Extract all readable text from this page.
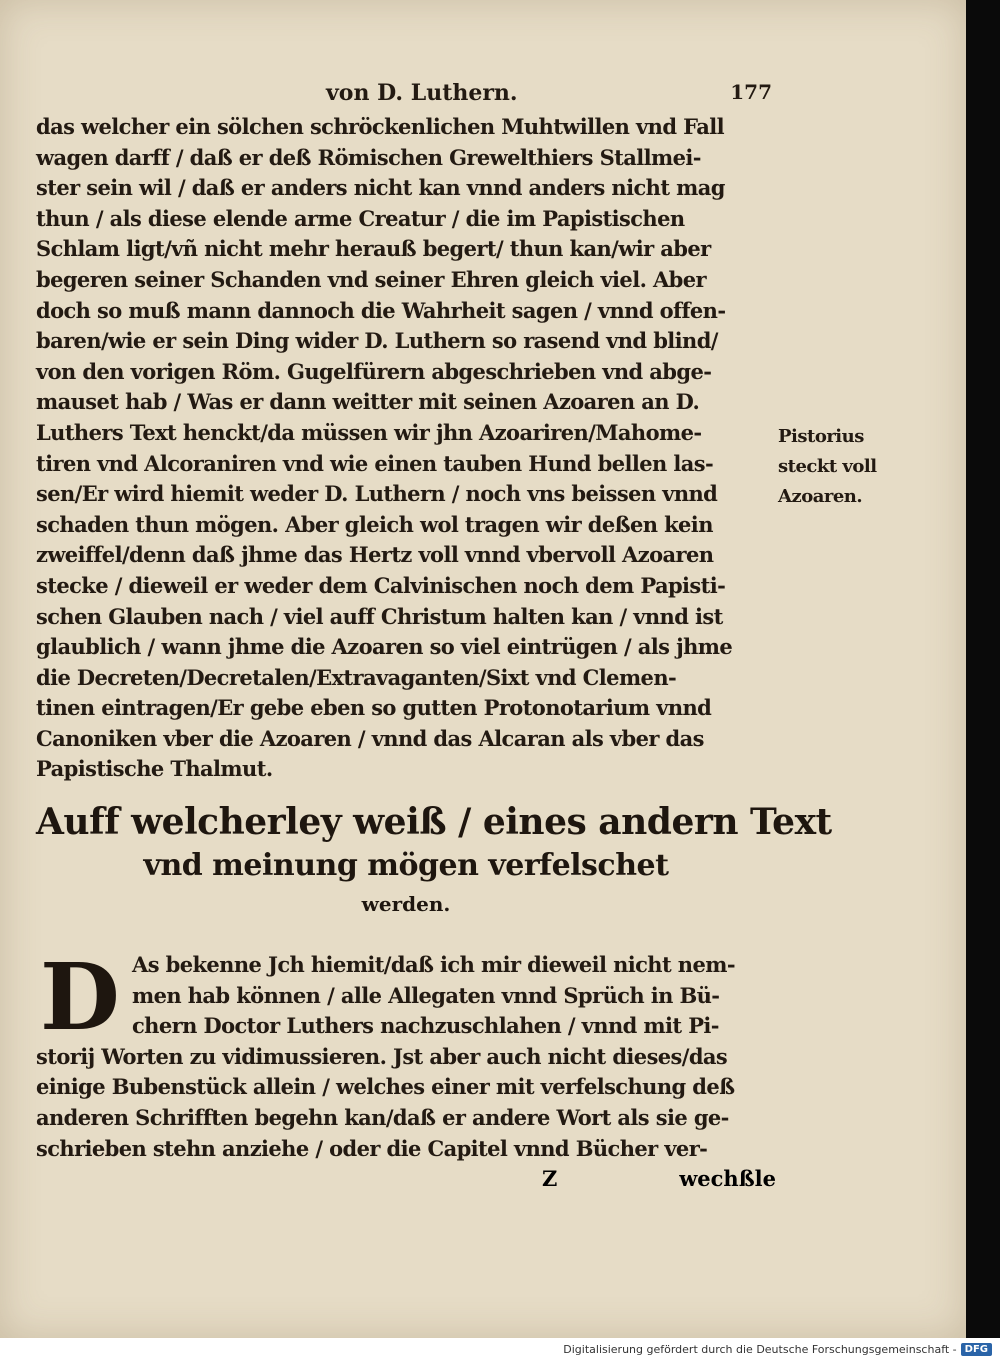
von D. Luthern.	177
das welcher ein sölchen schröckenlichen Muhtwillen vnd Fall
wagen darff / daß er deß Römischen Grewelthiers Stallmei-
ster sein wil / daß er anders nicht kan vnnd anders nicht mag
thun / als diese elende arme Creatur / die im Papistischen
Schlam ligt/vñ nicht mehr herauß begert/ thun kan/wir aber
begeren seiner Schanden vnd seiner Ehren gleich viel. Aber
doch so muß mann dannoch die Wahrheit sagen / vnnd offen-
baren/wie er sein Ding wider D. Luthern so rasend vnd blind/
von den vorigen Röm. Gugelfürern abgeschrieben vnd abge-
mauset hab / Was er dann weitter mit seinen Azoaren an D.
Luthers Text henckt/da müssen wir jhn Azoariren/Mahome-
tiren vnd Alcoraniren vnd wie einen tauben Hund bellen las-
sen/Er wird hiemit weder D. Luthern / noch vns beissen vnnd
schaden thun mögen. Aber gleich wol tragen wir deßen kein
zweiffel/denn daß jhme das Hertz voll vnnd vbervoll Azoaren
stecke / dieweil er weder dem Calvinischen noch dem Papisti-
schen Glauben nach / viel auff Christum halten kan / vnnd ist
glaublich / wann jhme die Azoaren so viel eintrügen / als jhme
die Decreten/Decretalen/Extravaganten/Sixt vnd Clemen-
tinen eintragen/Er gebe eben so gutten Protonotarium vnnd
Canoniken vber die Azoaren / vnnd das Alcaran als vber das
Papistische Thalmut.
Pistorius
steckt voll
Azoaren.
Auff welcherley weiß / eines andern Text
vnd meinung mögen verfelschet
werden.
D As bekenne Jch hiemit/daß ich mir dieweil nicht nem-
men hab können / alle Allegaten vnnd Sprüch in Bü-
chern Doctor Luthers nachzuschlahen / vnnd mit Pi-
storij Worten zu vidimussieren. Jst aber auch nicht dieses/das
einige Bubenstück allein / welches einer mit verfelschung deß
anderen Schrifften begehn kan/daß er andere Wort als sie ge-
schrieben stehn anziehe / oder die Capitel vnnd Bücher ver-
Z	wechßle
Digitalisierung gefördert durch die Deutsche Forschungsgemeinschaft - DFG
